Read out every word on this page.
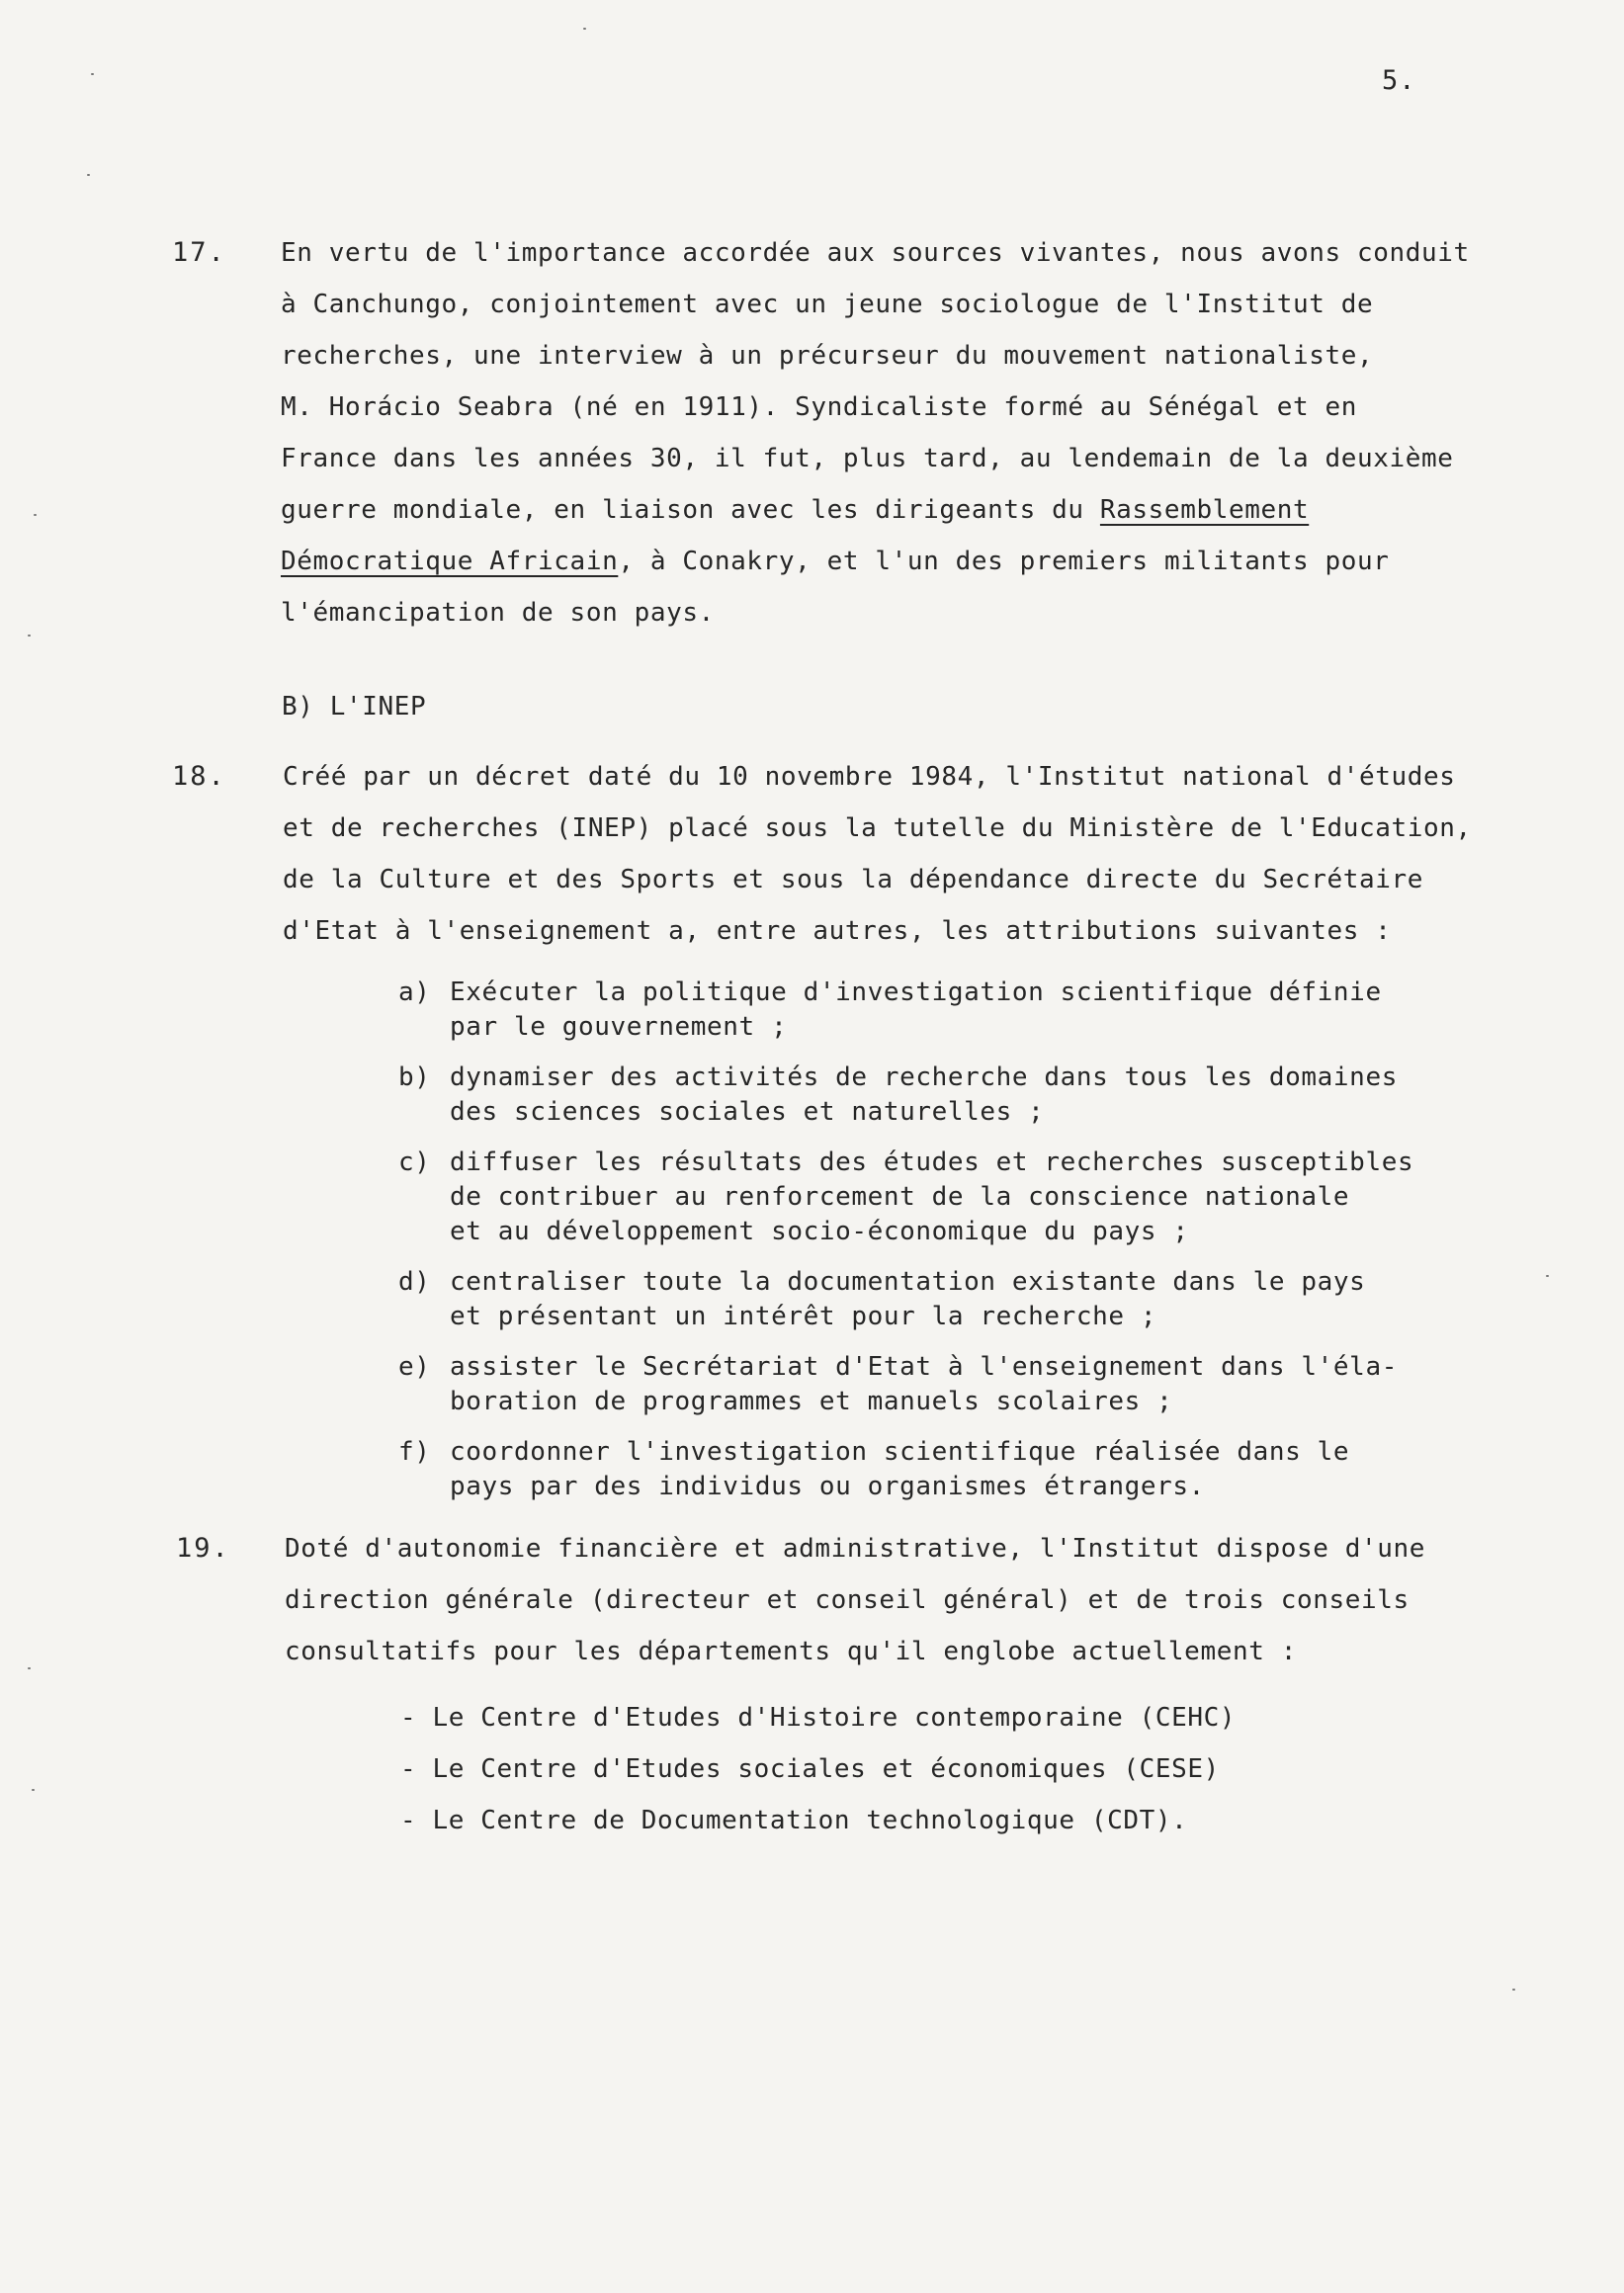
5.
17. En vertu de l'importance accordée aux sources vivantes, nous avons conduit
à Canchungo, conjointement avec un jeune sociologue de l'Institut de
recherches, une interview à un précurseur du mouvement nationaliste,
M. Horácio Seabra (né en 1911). Syndicaliste formé au Sénégal et en
France dans les années 30, il fut, plus tard, au lendemain de la deuxième
guerre mondiale, en liaison avec les dirigeants du Rassemblement
Démocratique Africain, à Conakry, et l'un des premiers militants pour
l'émancipation de son pays.
B) L'INEP
18. Créé par un décret daté du 10 novembre 1984, l'Institut national d'études
et de recherches (INEP) placé sous la tutelle du Ministère de l'Education,
de la Culture et des Sports et sous la dépendance directe du Secrétaire
d'Etat à l'enseignement a, entre autres, les attributions suivantes :
a) Exécuter la politique d'investigation scientifique définie
par le gouvernement ;
b) dynamiser des activités de recherche dans tous les domaines
des sciences sociales et naturelles ;
c) diffuser les résultats des études et recherches susceptibles
de contribuer au renforcement de la conscience nationale
et au développement socio-économique du pays ;
d) centraliser toute la documentation existante dans le pays
et présentant un intérêt pour la recherche ;
e) assister le Secrétariat d'Etat à l'enseignement dans l'éla-
boration de programmes et manuels scolaires ;
f) coordonner l'investigation scientifique réalisée dans le
pays par des individus ou organismes étrangers.
19. Doté d'autonomie financière et administrative, l'Institut dispose d'une
direction générale (directeur et conseil général) et de trois conseils
consultatifs pour les départements qu'il englobe actuellement :
- Le Centre d'Etudes d'Histoire contemporaine (CEHC)
- Le Centre d'Etudes sociales et économiques (CESE)
- Le Centre de Documentation technologique (CDT).
